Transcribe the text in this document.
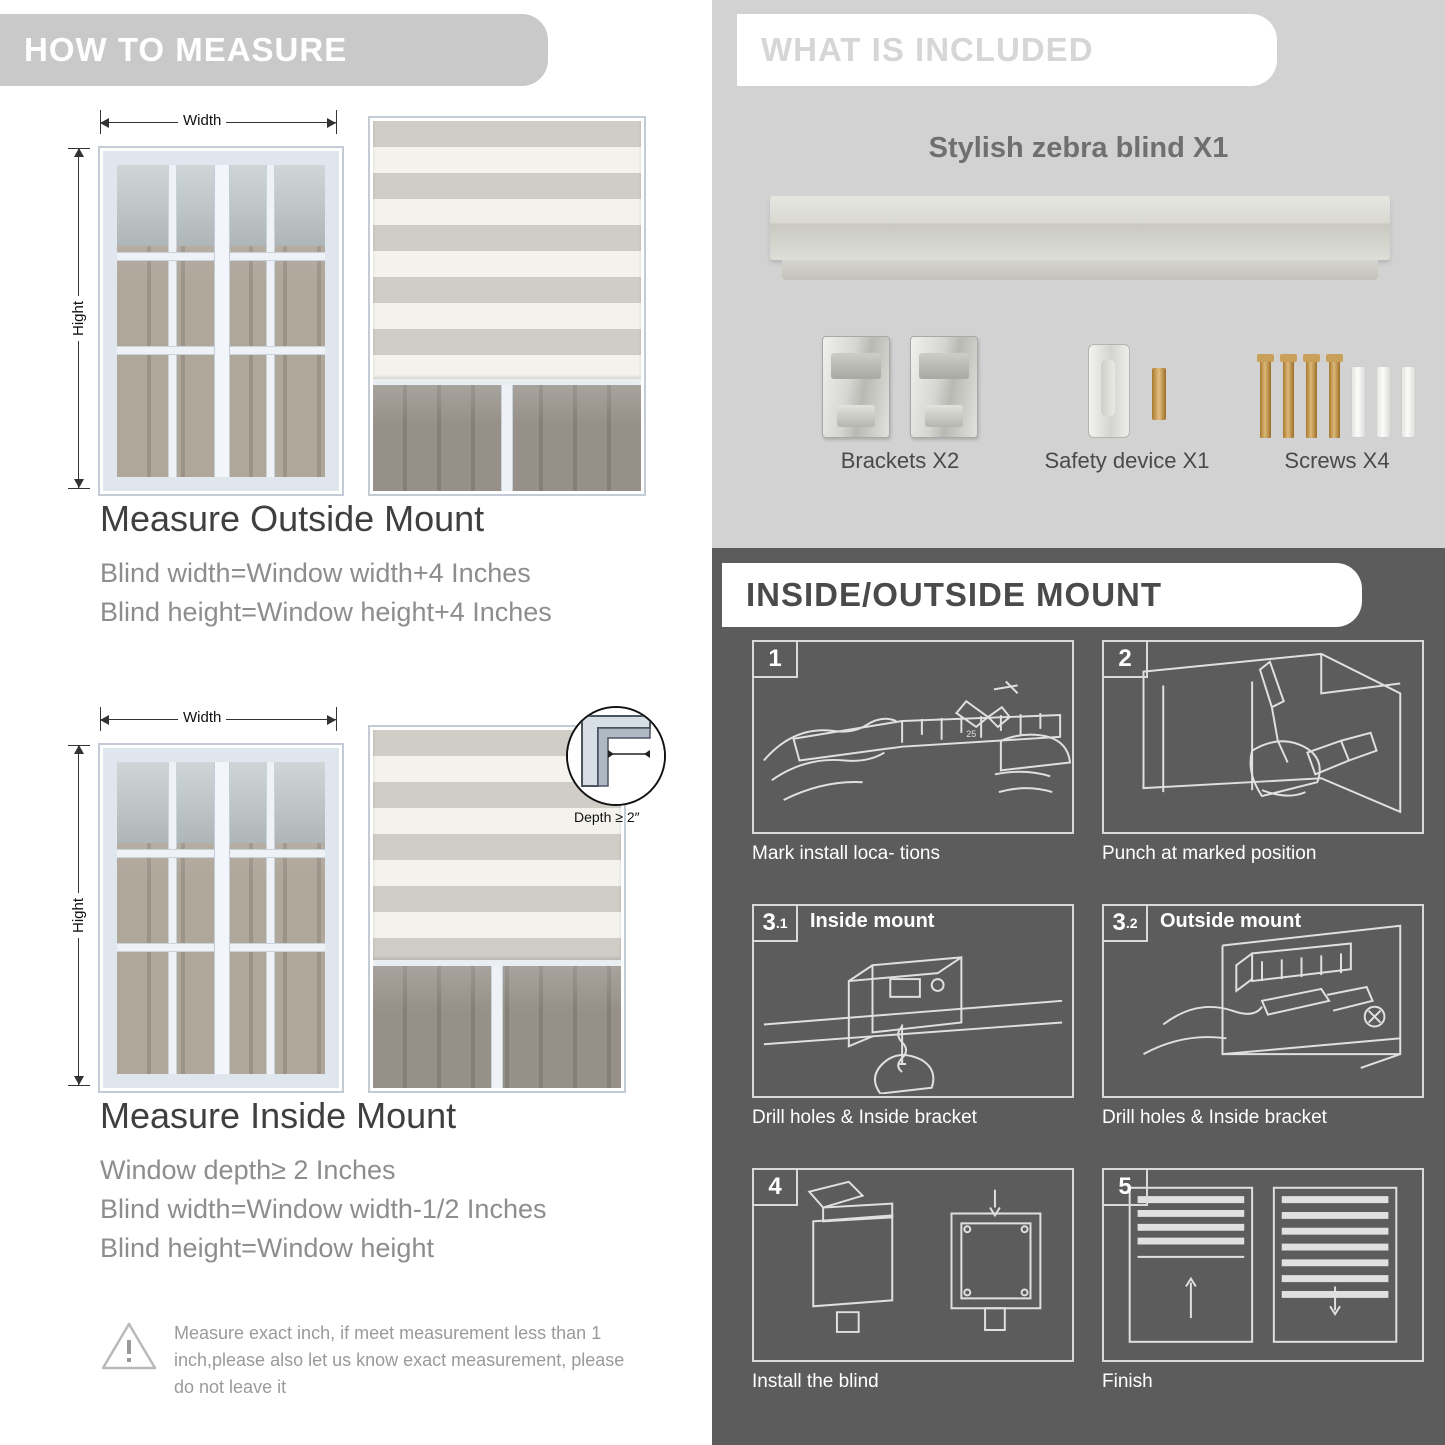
HOW TO MEASURE
Width
Hight
Measure Outside Mount
Blind width=Window width+4 Inches
Blind height=Window height+4 Inches
Width
Hight
Depth ≥ 2″
Measure Inside Mount
Window depth≥ 2 Inches
Blind width=Window width-1/2 Inches
Blind height=Window height
Measure exact inch, if meet measurement less than 1 inch,please also let us know exact measurement, please do not leave it
WHAT IS INCLUDED
Stylish zebra blind X1
Brackets X2	Safety device X1	Screws X4
INSIDE/OUTSIDE MOUNT
25
1
Mark install loca- tions
2
Punch at marked position
3 .1 Inside mount
Drill holes & Inside bracket
3 .2 Outside mount
Drill holes & Inside bracket
4
Install the blind
5
Finish
